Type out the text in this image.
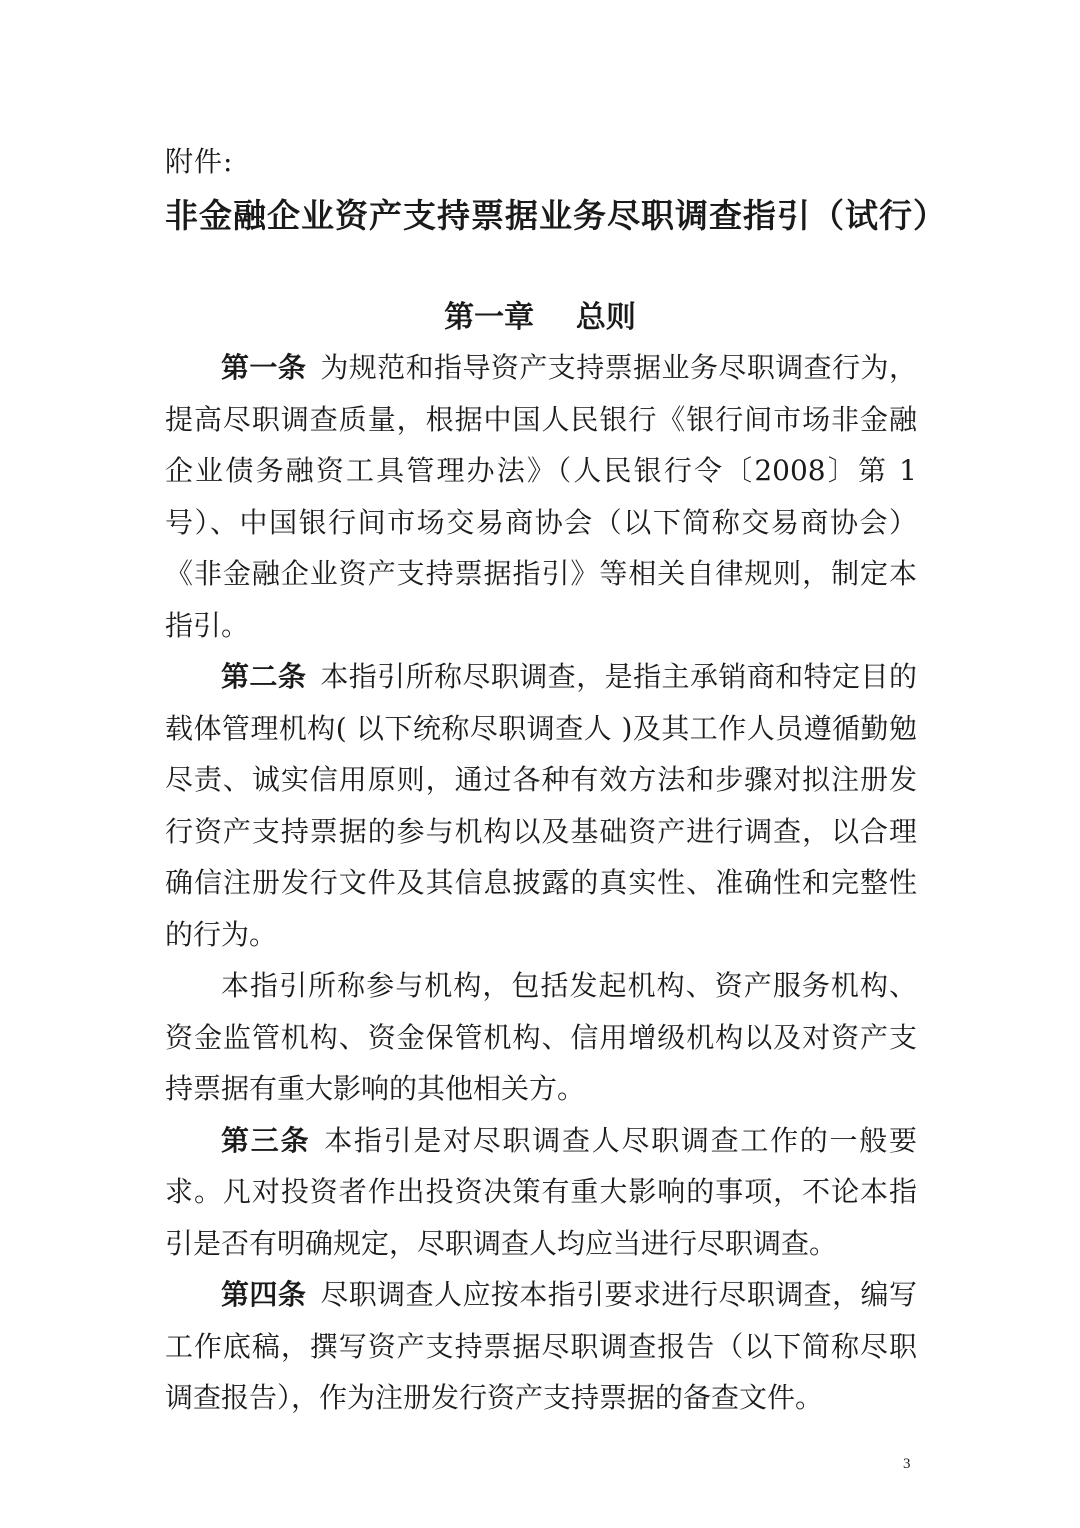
附件:
非金融企业资产支持票据业务尽职调查指引（试行）
第一章    总则

第一条 为规范和指导资产支持票据业务尽职调查行为，提高尽职调查质量，根据中国人民银行《银行间市场非金融企业债务融资工具管理办法》（人民银行令〔2008〕第 1 号）、中国银行间市场交易商协会（以下简称交易商协会）《非金融企业资产支持票据指引》等相关自律规则，制定本指引。

第二条 本指引所称尽职调查，是指主承销商和特定目的载体管理机构( 以下统称尽职调查人 )及其工作人员遵循勤勉尽责、诚实信用原则，通过各种有效方法和步骤对拟注册发行资产支持票据的参与机构以及基础资产进行调查，以合理确信注册发行文件及其信息披露的真实性、准确性和完整性的行为。

本指引所称参与机构，包括发起机构、资产服务机构、资金监管机构、资金保管机构、信用增级机构以及对资产支持票据有重大影响的其他相关方。

第三条 本指引是对尽职调查人尽职调查工作的一般要求。凡对投资者作出投资决策有重大影响的事项，不论本指引是否有明确规定，尽职调查人均应当进行尽职调查。

第四条 尽职调查人应按本指引要求进行尽职调查，编写工作底稿，撰写资产支持票据尽职调查报告（以下简称尽职调查报告），作为注册发行资产支持票据的备查文件。

3
